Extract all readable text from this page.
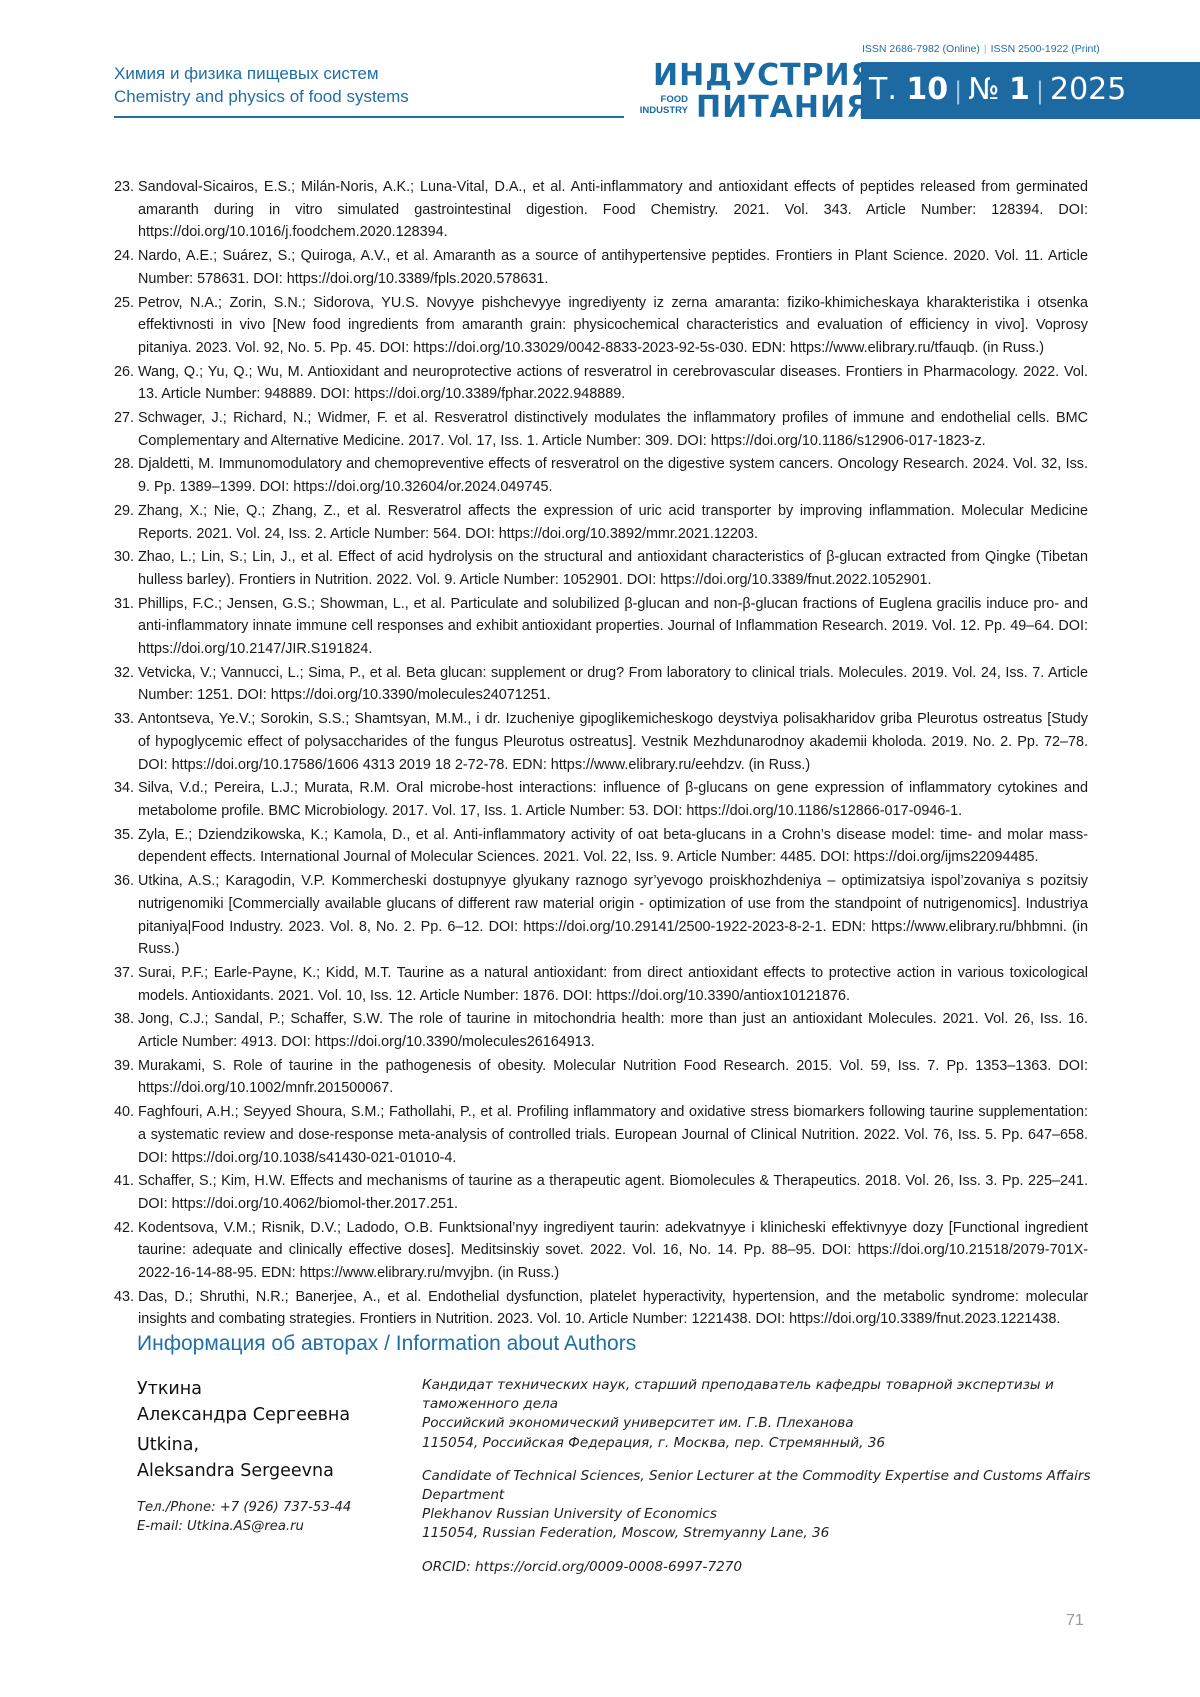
Химия и физика пищевых систем
Chemistry and physics of food systems
ISSN 2686-7982 (Online) | ISSN 2500-1922 (Print)
ИНДУСТРИЯ
FOOD
INDUSTRY ПИТАНИЯ
Т. 10 | № 1 | 2025
23. Sandoval-Sicairos, E.S.; Milán-Noris, A.K.; Luna-Vital, D.A., et al. Anti-inflammatory and antioxidant effects of peptides released from germinated amaranth during in vitro simulated gastrointestinal digestion. Food Chemistry. 2021. Vol. 343. Article Number: 128394. DOI: https://doi.org/10.1016/j.foodchem.2020.128394.
24. Nardo, A.E.; Suárez, S.; Quiroga, A.V., et al. Amaranth as a source of antihypertensive peptides. Frontiers in Plant Science. 2020. Vol. 11. Article Number: 578631. DOI: https://doi.org/10.3389/fpls.2020.578631.
25. Petrov, N.A.; Zorin, S.N.; Sidorova, YU.S. Novyye pishchevyye ingrediyenty iz zerna amaranta: fiziko-khimicheskaya kharakteristika i otsenka effektivnosti in vivo [New food ingredients from amaranth grain: physicochemical characteristics and evaluation of efficiency in vivo]. Voprosy pitaniya. 2023. Vol. 92, No. 5. Pp. 45. DOI: https://doi.org/10.33029/0042-8833-2023-92-5s-030. EDN: https://www.elibrary.ru/tfauqb. (in Russ.)
26. Wang, Q.; Yu, Q.; Wu, M. Antioxidant and neuroprotective actions of resveratrol in cerebrovascular diseases. Frontiers in Pharmacology. 2022. Vol. 13. Article Number: 948889. DOI: https://doi.org/10.3389/fphar.2022.948889.
27. Schwager, J.; Richard, N.; Widmer, F. et al. Resveratrol distinctively modulates the inflammatory profiles of immune and endothelial cells. BMC Complementary and Alternative Medicine. 2017. Vol. 17, Iss. 1. Article Number: 309. DOI: https://doi.org/10.1186/s12906-017-1823-z.
28. Djaldetti, M. Immunomodulatory and chemopreventive effects of resveratrol on the digestive system cancers. Oncology Research. 2024. Vol. 32, Iss. 9. Pp. 1389–1399. DOI: https://doi.org/10.32604/or.2024.049745.
29. Zhang, X.; Nie, Q.; Zhang, Z., et al. Resveratrol affects the expression of uric acid transporter by improving inflammation. Molecular Medicine Reports. 2021. Vol. 24, Iss. 2. Article Number: 564. DOI: https://doi.org/10.3892/mmr.2021.12203.
30. Zhao, L.; Lin, S.; Lin, J., et al. Effect of acid hydrolysis on the structural and antioxidant characteristics of β-glucan extracted from Qingke (Tibetan hulless barley). Frontiers in Nutrition. 2022. Vol. 9. Article Number: 1052901. DOI: https://doi.org/10.3389/fnut.2022.1052901.
31. Phillips, F.C.; Jensen, G.S.; Showman, L., et al. Particulate and solubilized β-glucan and non-β-glucan fractions of Euglena gracilis induce pro- and anti-inflammatory innate immune cell responses and exhibit antioxidant properties. Journal of Inflammation Research. 2019. Vol. 12. Pp. 49–64. DOI: https://doi.org/10.2147/JIR.S191824.
32. Vetvicka, V.; Vannucci, L.; Sima, P., et al. Beta glucan: supplement or drug? From laboratory to clinical trials. Molecules. 2019. Vol. 24, Iss. 7. Article Number: 1251. DOI: https://doi.org/10.3390/molecules24071251.
33. Antontseva, Ye.V.; Sorokin, S.S.; Shamtsyan, M.M., i dr. Izucheniye gipoglikemicheskogo deystviya polisakharidov griba Pleurotus ostreatus [Study of hypoglycemic effect of polysaccharides of the fungus Pleurotus ostreatus]. Vestnik Mezhdunarodnoy akademii kholoda. 2019. No. 2. Pp. 72–78. DOI: https://doi.org/10.17586/1606 4313 2019 18 2-72-78. EDN: https://www.elibrary.ru/eehdzv. (in Russ.)
34. Silva, V.d.; Pereira, L.J.; Murata, R.M. Oral microbe-host interactions: influence of β-glucans on gene expression of inflammatory cytokines and metabolome profile. BMC Microbiology. 2017. Vol. 17, Iss. 1. Article Number: 53. DOI: https://doi.org/10.1186/s12866-017-0946-1.
35. Zyla, E.; Dziendzikowska, K.; Kamola, D., et al. Anti-inflammatory activity of oat beta-glucans in a Crohn’s disease model: time- and molar mass-dependent effects. International Journal of Molecular Sciences. 2021. Vol. 22, Iss. 9. Article Number: 4485. DOI: https://doi.org/ijms22094485.
36. Utkina, A.S.; Karagodin, V.P. Kommercheski dostupnyye glyukany raznogo syr’yevogo proiskhozhdeniya – optimizatsiya ispol’zovaniya s pozitsiy nutrigenomiki [Commercially available glucans of different raw material origin - optimization of use from the standpoint of nutrigenomics]. Industriya pitaniya|Food Industry. 2023. Vol. 8, No. 2. Pp. 6–12. DOI: https://doi.org/10.29141/2500-1922-2023-8-2-1. EDN: https://www.elibrary.ru/bhbmni. (in Russ.)
37. Surai, P.F.; Earle-Payne, K.; Kidd, M.T. Taurine as a natural antioxidant: from direct antioxidant effects to protective action in various toxicological models. Antioxidants. 2021. Vol. 10, Iss. 12. Article Number: 1876. DOI: https://doi.org/10.3390/antiox10121876.
38. Jong, C.J.; Sandal, P.; Schaffer, S.W. The role of taurine in mitochondria health: more than just an antioxidant Molecules. 2021. Vol. 26, Iss. 16. Article Number: 4913. DOI: https://doi.org/10.3390/molecules26164913.
39. Murakami, S. Role of taurine in the pathogenesis of obesity. Molecular Nutrition Food Research. 2015. Vol. 59, Iss. 7. Pp. 1353–1363. DOI: https://doi.org/10.1002/mnfr.201500067.
40. Faghfouri, A.H.; Seyyed Shoura, S.M.; Fathollahi, P., et al. Profiling inflammatory and oxidative stress biomarkers following taurine supplementation: a systematic review and dose-response meta-analysis of controlled trials. European Journal of Clinical Nutrition. 2022. Vol. 76, Iss. 5. Pp. 647–658. DOI: https://doi.org/10.1038/s41430-021-01010-4.
41. Schaffer, S.; Kim, H.W. Effects and mechanisms of taurine as a therapeutic agent. Biomolecules & Therapeutics. 2018. Vol. 26, Iss. 3. Pp. 225–241. DOI: https://doi.org/10.4062/biomol-ther.2017.251.
42. Kodentsova, V.M.; Risnik, D.V.; Ladodo, O.B. Funktsional’nyy ingrediyent taurin: adekvatnyye i klinicheski effektivnyye dozy [Functional ingredient taurine: adequate and clinically effective doses]. Meditsinskiy sovet. 2022. Vol. 16, No. 14. Pp. 88–95. DOI: https://doi.org/10.21518/2079-701X-2022-16-14-88-95. EDN: https://www.elibrary.ru/mvyjbn. (in Russ.)
43. Das, D.; Shruthi, N.R.; Banerjee, A., et al. Endothelial dysfunction, platelet hyperactivity, hypertension, and the metabolic syndrome: molecular insights and combating strategies. Frontiers in Nutrition. 2023. Vol. 10. Article Number: 1221438. DOI: https://doi.org/10.3389/fnut.2023.1221438.
Информация об авторах / Information about Authors
Уткина
Александра Сергеевна
Utkina,
Aleksandra Sergeevna
Тел./Phone: +7 (926) 737-53-44
E-mail: Utkina.AS@rea.ru

Кандидат технических наук, старший преподаватель кафедры товарной экспертизы и таможенного дела
Российский экономический университет им. Г.В. Плеханова
115054, Российская Федерация, г. Москва, пер. Стремянный, 36

Candidate of Technical Sciences, Senior Lecturer at the Commodity Expertise and Customs Affairs Department
Plekhanov Russian University of Economics
115054, Russian Federation, Moscow, Stremyanny Lane, 36

ORCID: https://orcid.org/0009-0008-6997-7270

71
